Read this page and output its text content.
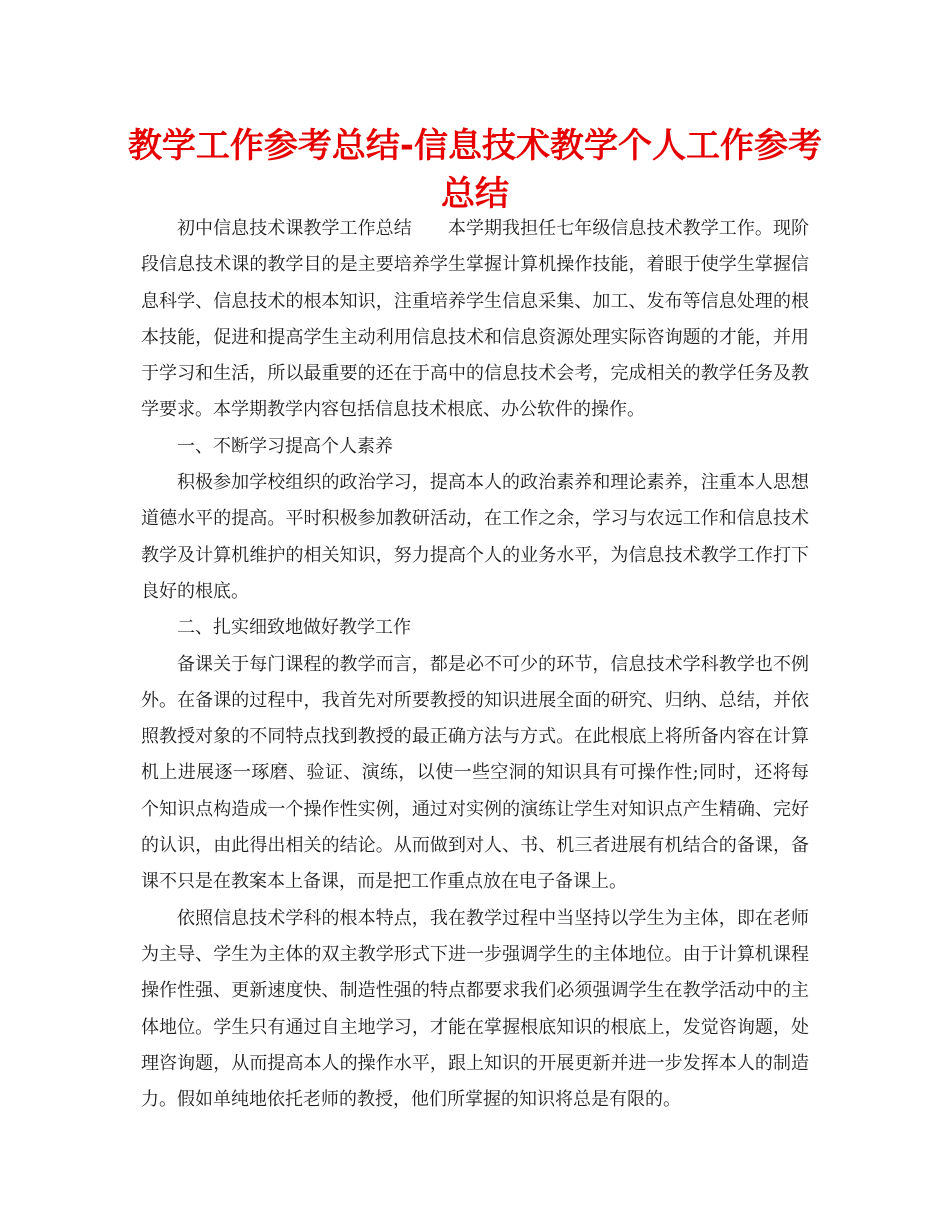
教学工作参考总结-信息技术教学个人工作参考总结

初中信息技术课教学工作总结　　本学期我担任七年级信息技术教学工作。现阶段信息技术课的教学目的是主要培养学生掌握计算机操作技能，着眼于使学生掌握信息科学、信息技术的根本知识，注重培养学生信息采集、加工、发布等信息处理的根本技能，促进和提高学生主动利用信息技术和信息资源处理实际咨询题的才能，并用于学习和生活，所以最重要的还在于高中的信息技术会考，完成相关的教学任务及教学要求。本学期教学内容包括信息技术根底、办公软件的操作。

一、不断学习提高个人素养

积极参加学校组织的政治学习，提高本人的政治素养和理论素养，注重本人思想道德水平的提高。平时积极参加教研活动，在工作之余，学习与农远工作和信息技术教学及计算机维护的相关知识，努力提高个人的业务水平，为信息技术教学工作打下良好的根底。

二、扎实细致地做好教学工作

备课关于每门课程的教学而言，都是必不可少的环节，信息技术学科教学也不例外。在备课的过程中，我首先对所要教授的知识进展全面的研究、归纳、总结，并依照教授对象的不同特点找到教授的最正确方法与方式。在此根底上将所备内容在计算机上进展逐一琢磨、验证、演练，以使一些空洞的知识具有可操作性;同时，还将每个知识点构造成一个操作性实例，通过对实例的演练让学生对知识点产生精确、完好的认识，由此得出相关的结论。从而做到对人、书、机三者进展有机结合的备课，备课不只是在教案本上备课，而是把工作重点放在电子备课上。

依照信息技术学科的根本特点，我在教学过程中当坚持以学生为主体，即在老师为主导、学生为主体的双主教学形式下进一步强调学生的主体地位。由于计算机课程操作性强、更新速度快、制造性强的特点都要求我们必须强调学生在教学活动中的主体地位。学生只有通过自主地学习，才能在掌握根底知识的根底上，发觉咨询题，处理咨询题，从而提高本人的操作水平，跟上知识的开展更新并进一步发挥本人的制造力。假如单纯地依托老师的教授，他们所掌握的知识将总是有限的。
